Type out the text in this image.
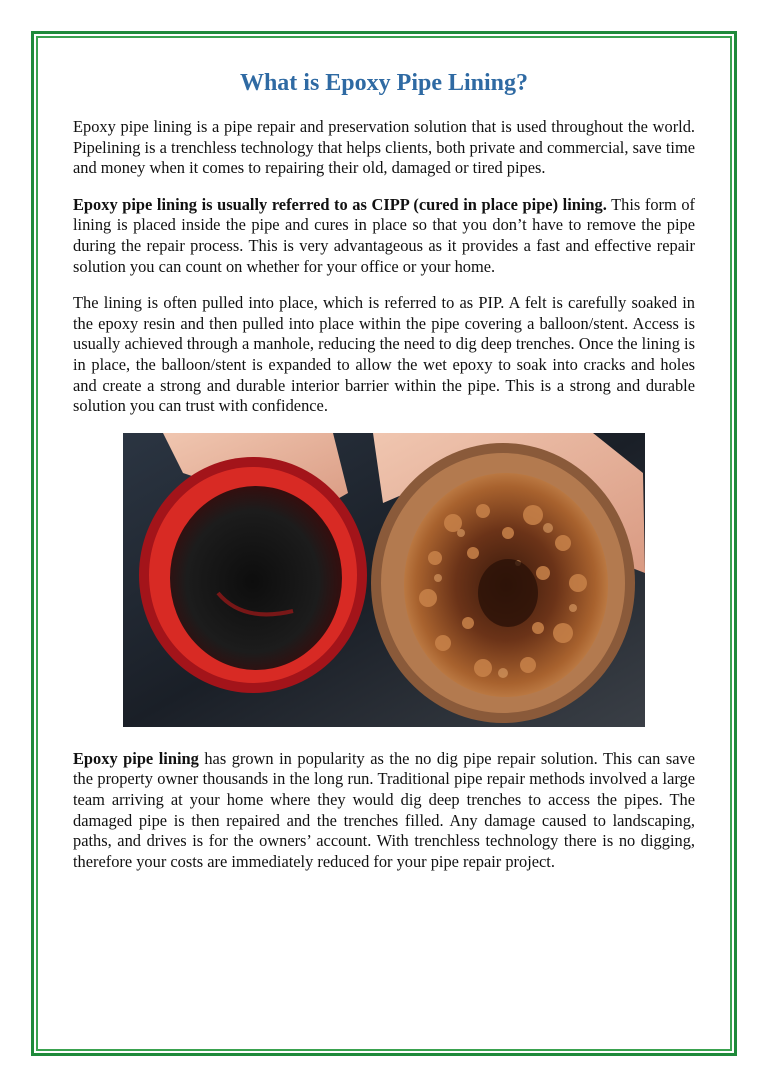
What is Epoxy Pipe Lining?

Epoxy pipe lining is a pipe repair and preservation solution that is used throughout the world. Pipelining is a trenchless technology that helps clients, both private and commercial, save time and money when it comes to repairing their old, damaged or tired pipes.

Epoxy pipe lining is usually referred to as CIPP (cured in place pipe) lining. This form of lining is placed inside the pipe and cures in place so that you don’t have to remove the pipe during the repair process. This is very advantageous as it provides a fast and effective repair solution you can count on whether for your office or your home.

The lining is often pulled into place, which is referred to as PIP. A felt is carefully soaked in the epoxy resin and then pulled into place within the pipe covering a balloon/stent. Access is usually achieved through a manhole, reducing the need to dig deep trenches. Once the lining is in place, the balloon/stent is expanded to allow the wet epoxy to soak into cracks and holes and create a strong and durable interior barrier within the pipe. This is a strong and durable solution you can trust with confidence.

Epoxy pipe lining has grown in popularity as the no dig pipe repair solution. This can save the property owner thousands in the long run. Traditional pipe repair methods involved a large team arriving at your home where they would dig deep trenches to access the pipes. The damaged pipe is then repaired and the trenches filled. Any damage caused to landscaping, paths, and drives is for the owners’ account. With trenchless technology there is no digging, therefore your costs are immediately reduced for your pipe repair project.
